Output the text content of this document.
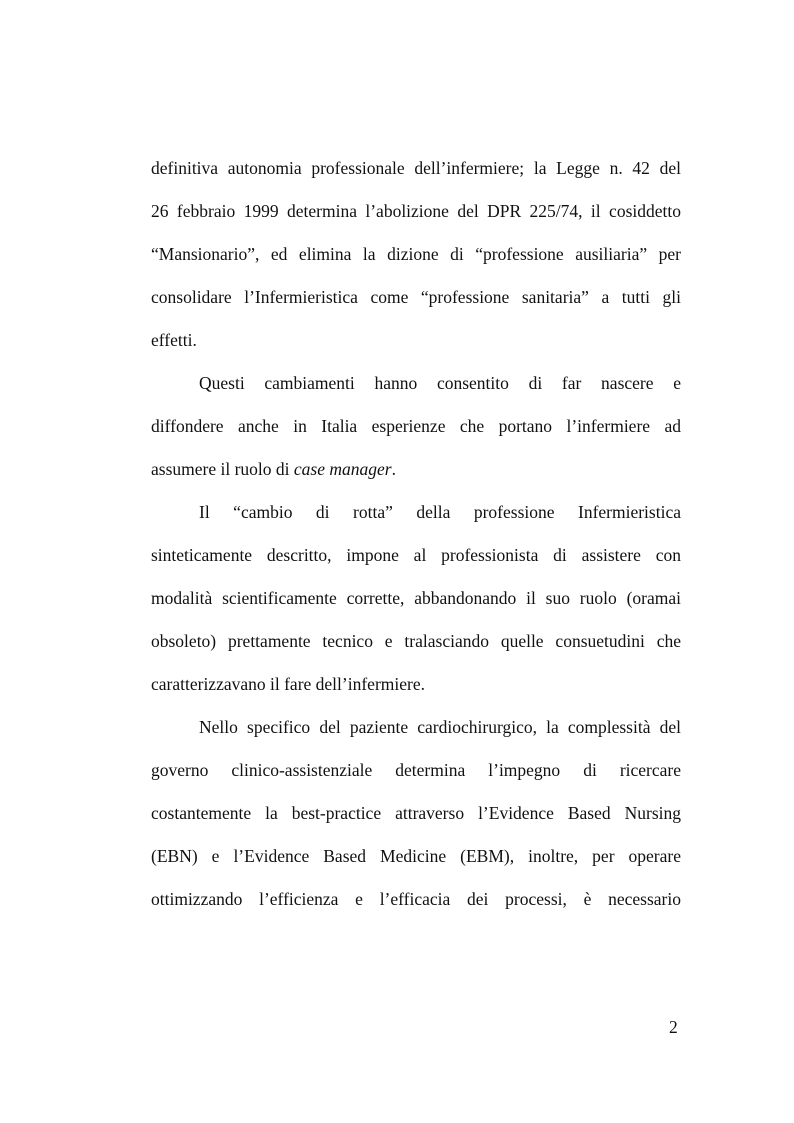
definitiva autonomia professionale dell’infermiere; la Legge n. 42 del
26 febbraio 1999 determina l’abolizione del DPR 225/74, il cosiddetto
“Mansionario”, ed elimina la dizione di “professione ausiliaria” per
consolidare l’Infermieristica come “professione sanitaria” a tutti gli
effetti.
Questi cambiamenti hanno consentito di far nascere e
diffondere anche in Italia esperienze che portano l’infermiere ad
assumere il ruolo di case manager.
Il “cambio di rotta” della professione Infermieristica
sinteticamente descritto, impone al professionista di assistere con
modalità scientificamente corrette, abbandonando il suo ruolo (oramai
obsoleto) prettamente tecnico e tralasciando quelle consuetudini che
caratterizzavano il fare dell’infermiere.
Nello specifico del paziente cardiochirurgico, la complessità del
governo clinico-assistenziale determina l’impegno di ricercare
costantemente la best-practice attraverso l’Evidence Based Nursing
(EBN) e l’Evidence Based Medicine (EBM), inoltre, per operare
ottimizzando l’efficienza e l’efficacia dei processi, è necessario
2
